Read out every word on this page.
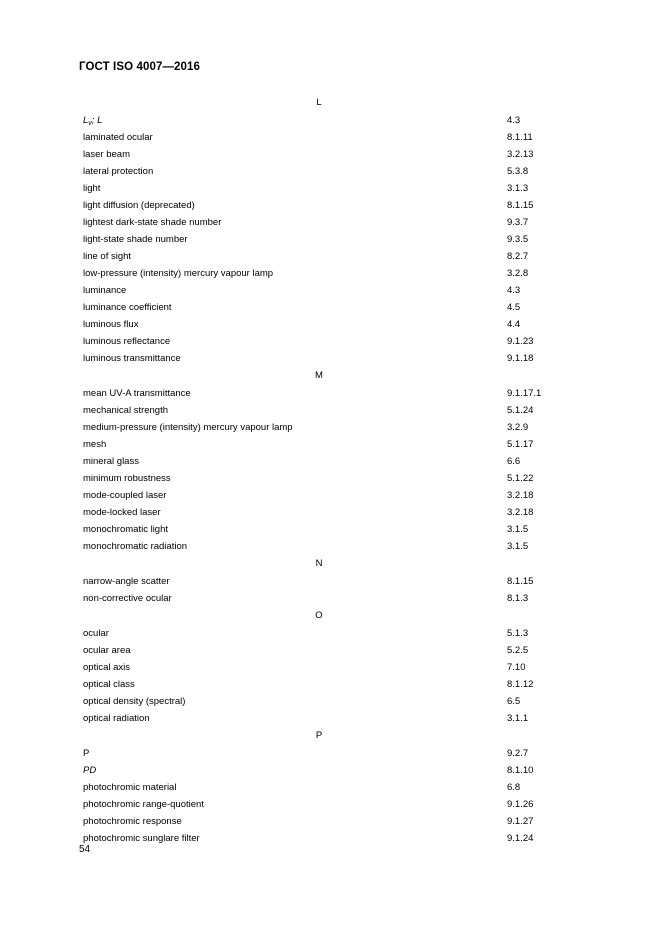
ГОСТ ISO 4007—2016
L
$L_v$; L	4.3
laminated ocular	8.1.11
laser beam	3.2.13
lateral protection	5.3.8
light	3.1.3
light diffusion (deprecated)	8.1.15
lightest dark-state shade number	9.3.7
light-state shade number	9.3.5
line of sight	8.2.7
low-pressure (intensity) mercury vapour lamp	3.2.8
luminance	4.3
luminance coefficient	4.5
luminous flux	4.4
luminous reflectance	9.1.23
luminous transmittance	9.1.18
M
mean UV-A transmittance	9.1.17.1
mechanical strength	5.1.24
medium-pressure (intensity) mercury vapour lamp	3.2.9
mesh	5.1.17
mineral glass	6.6
minimum robustness	5.1.22
mode-coupled laser	3.2.18
mode-locked laser	3.2.18
monochromatic light	3.1.5
monochromatic radiation	3.1.5
N
narrow-angle scatter	8.1.15
non-corrective ocular	8.1.3
O
ocular	5.1.3
ocular area	5.2.5
optical axis	7.10
optical class	8.1.12
optical density (spectral)	6.5
optical radiation	3.1.1
P
P	9.2.7
PD	8.1.10
photochromic material	6.8
photochromic range-quotient	9.1.26
photochromic response	9.1.27
photochromic sunglare filter	9.1.24
54
